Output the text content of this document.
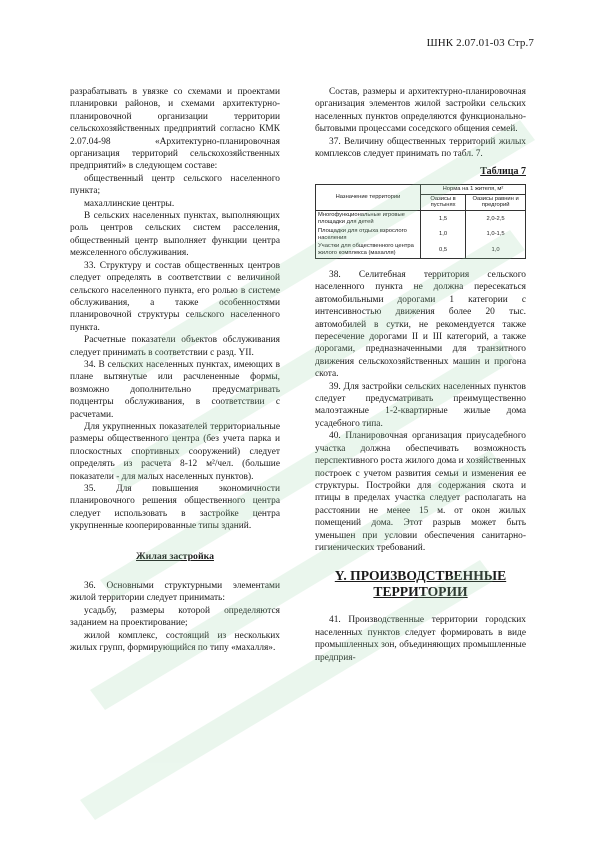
ШНК 2.07.01-03 Стр.7

разрабатывать в увязке со схемами и проектами планировки районов, и схемами архитектурно-планировочной организации территории сельскохозяйственных предприятий согласно КМК 2.07.04-98 «Архитектурно-планировочная организация территорий сельскохозяйственных предприятий» в следующем составе:

общественный центр сельского населенного пункта;

махаллинские центры.

В сельских населенных пунктах, выполняющих роль центров сельских систем расселения, общественный центр выполняет функции центра межселенного обслуживания.

33. Структуру и состав общественных центров следует определять в соответствии с величиной сельского населенного пункта, его ролью в системе обслуживания, а также особенностями планировочной структуры сельского населенного пункта.

Расчетные показатели объектов обслуживания следует принимать в соответствии с разд. YII.

34. В сельских населенных пунктах, имеющих в плане вытянутые или расчлененные формы, возможно дополнительно предусматривать подцентры обслуживания, в соответствии с расчетами.

Для укрупненных показателей территориальные размеры общественного центра (без учета парка и плоскостных спортивных сооружений) следует определять из расчета 8-12 м²/чел. (большие показатели - для малых населенных пунктов).

35. Для повышения экономичности планировочного решения общественного центра следует использовать в застройке центра укрупненные кооперированные типы зданий.

Жилая застройка

36. Основными структурными элементами жилой территории следует принимать:

усадьбу, размеры которой определяются заданием на проектирование;

жилой комплекс, состоящий из нескольких жилых групп, формирующийся по типу «махалля».

Состав, размеры и архитектурно-планировочная организация элементов жилой застройки сельских населенных пунктов определяются функционально-бытовыми процессами соседского общения семей.

37. Величину общественных территорий жилых комплексов следует принимать по табл. 7.

Таблица 7
Назначение территории	Норма на 1 жителя, м²	
	Оазисы в пустынях	Оазисы равнин и предгорий
Многофункциональные игровые площадки для детей	1,5	2,0-2,5
Площадки для отдыха взрослого населения	1,0	1,0-1,5
Участки для общественного центра жилого комплекса (махалля)	0,5	1,0

38. Селитебная территория сельского населенного пункта не должна пересекаться автомобильными дорогами 1 категории с интенсивностью движения более 20 тыс. автомобилей в сутки, не рекомендуется также пересечение дорогами II и III категорий, а также дорогами, предназначенными для транзитного движения сельскохозяйственных машин и прогона скота.

39. Для застройки сельских населенных пунктов следует предусматривать преимущественно малоэтажные 1-2-квартирные жилые дома усадебного типа.

40. Планировочная организация приусадебного участка должна обеспечивать возможность перспективного роста жилого дома и хозяйственных построек с учетом развития семьи и изменения ее структуры. Постройки для содержания скота и птицы в пределах участка следует располагать на расстоянии не менее 15 м. от окон жилых помещений дома. Этот разрыв может быть уменьшен при условии обеспечения санитарно-гигиенических требований.

Y. ПРОИЗВОДСТВЕННЫЕ ТЕРРИТОРИИ

41. Производственные территории городских населенных пунктов следует формировать в виде промышленных зон, объединяющих промышленные предприя-
